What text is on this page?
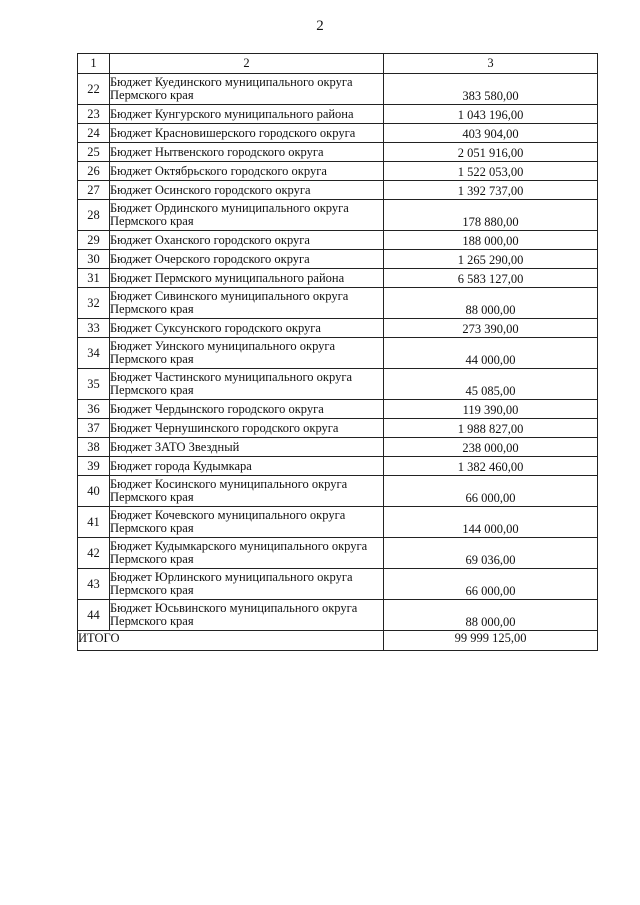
2
1	2	3
22	Бюджет Куединского муниципального округа Пермского края	383 580,00
23	Бюджет Кунгурского муниципального района	1 043 196,00
24	Бюджет Красновишерского городского округа	403 904,00
25	Бюджет Нытвенского городского округа	2 051 916,00
26	Бюджет Октябрьского городского округа	1 522 053,00
27	Бюджет Осинского городского округа	1 392 737,00
28	Бюджет Ординского муниципального округа Пермского края	178 880,00
29	Бюджет Оханского городского округа	188 000,00
30	Бюджет Очерского городского округа	1 265 290,00
31	Бюджет Пермского муниципального района	6 583 127,00
32	Бюджет Сивинского муниципального округа Пермского края	88 000,00
33	Бюджет Суксунского городского округа	273 390,00
34	Бюджет Уинского муниципального округа Пермского края	44 000,00
35	Бюджет Частинского муниципального округа Пермского края	45 085,00
36	Бюджет Чердынского городского округа	119 390,00
37	Бюджет Чернушинского городского округа	1 988 827,00
38	Бюджет ЗАТО Звездный	238 000,00
39	Бюджет города Кудымкара	1 382 460,00
40	Бюджет Косинского муниципального округа Пермского края	66 000,00
41	Бюджет Кочевского муниципального округа Пермского края	144 000,00
42	Бюджет Кудымкарского муниципального округа Пермского края	69 036,00
43	Бюджет Юрлинского муниципального округа Пермского края	66 000,00
44	Бюджет Юсьвинского муниципального округа Пермского края	88 000,00
ИТОГО		99 999 125,00
